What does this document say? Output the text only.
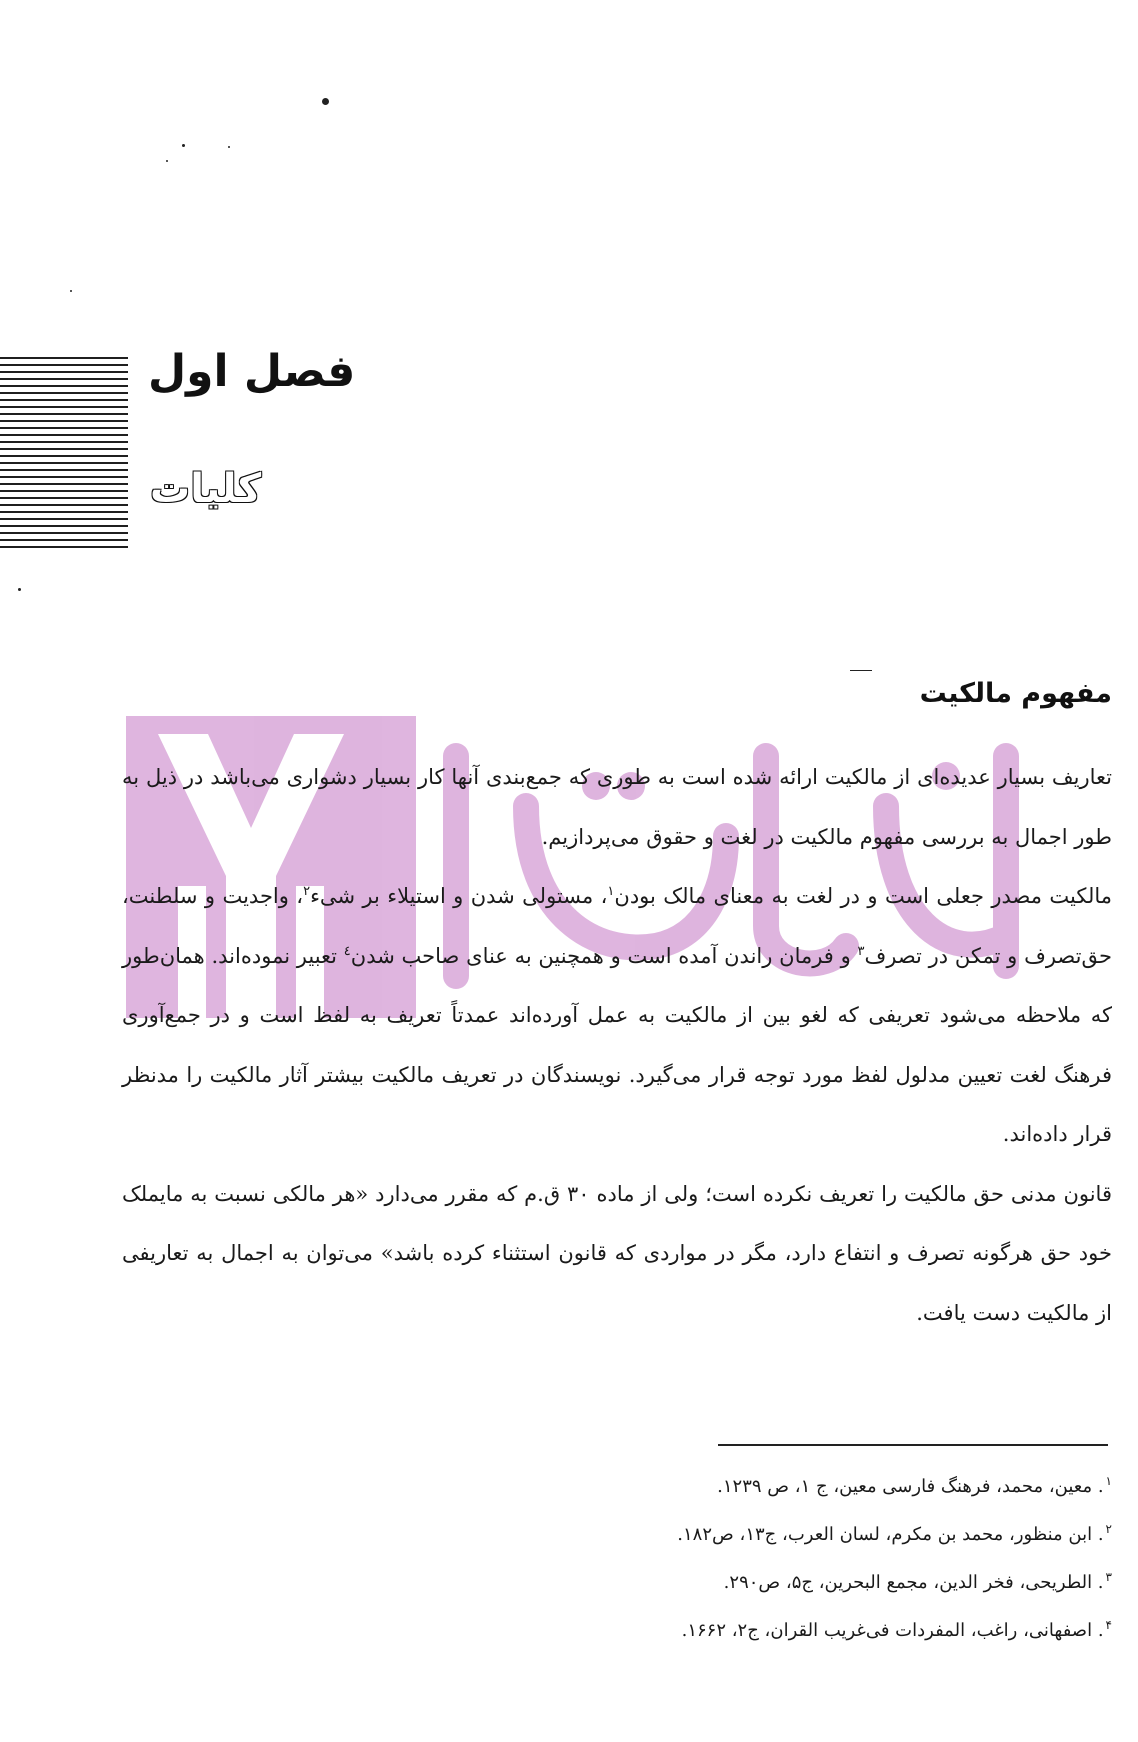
فصل اول
کلیات
مفهوم مالکیت

تعاریف بسیار عدیده‌ای از مالکیت ارائه شده است به طوری که جمع‌بندی آنها کار بسیار دشواری می‌باشد در ذیل به طور اجمال به بررسی مفهوم مالکیت در لغت و حقوق می‌پردازیم.

مالکیت مصدر جعلی است و در لغت به معنای مالک بودن$^۱$، مستولی شدن و استیلاء بر شیء$^۲$، واجدیت و سلطنت، حق‌تصرف و تمکن در تصرف$^۳$ و فرمان راندن آمده است و همچنین به عنای صاحب شدن$^٤$ تعبیر نموده‌اند. همان‌طور که ملاحظه می‌شود تعریفی که لغو بین از مالکیت به عمل آورده‌اند عمدتاً تعریف به لفظ است و در جمع‌آوری فرهنگ لغت تعیین مدلول لفظ مورد توجه قرار می‌گیرد. نویسندگان در تعریف مالکیت بیشتر آثار مالکیت را مدنظر قرار داده‌اند.

قانون مدنی حق مالکیت را تعریف نکرده است؛ ولی از ماده ۳۰ ق.م که مقرر می‌دارد «هر مالکی نسبت به مایملک خود حق هرگونه تصرف و انتفاع دارد، مگر در مواردی که قانون استثناء کرده باشد» می‌توان به اجمال به تعاریفی از مالکیت دست یافت.

$^۱$. معین، محمد، فرهنگ فارسی معین، ج ۱، ص ۱۲۳۹.
$^۲$. ابن منظور، محمد بن مکرم، لسان العرب، ج۱۳، ص۱۸۲.
$^۳$. الطریحی، فخر الدین، مجمع البحرین، ج۵، ص۲۹۰.
$^۴$. اصفهانی، راغب، المفردات فی‌غریب القران، ج۲، ۱۶۶۲.
